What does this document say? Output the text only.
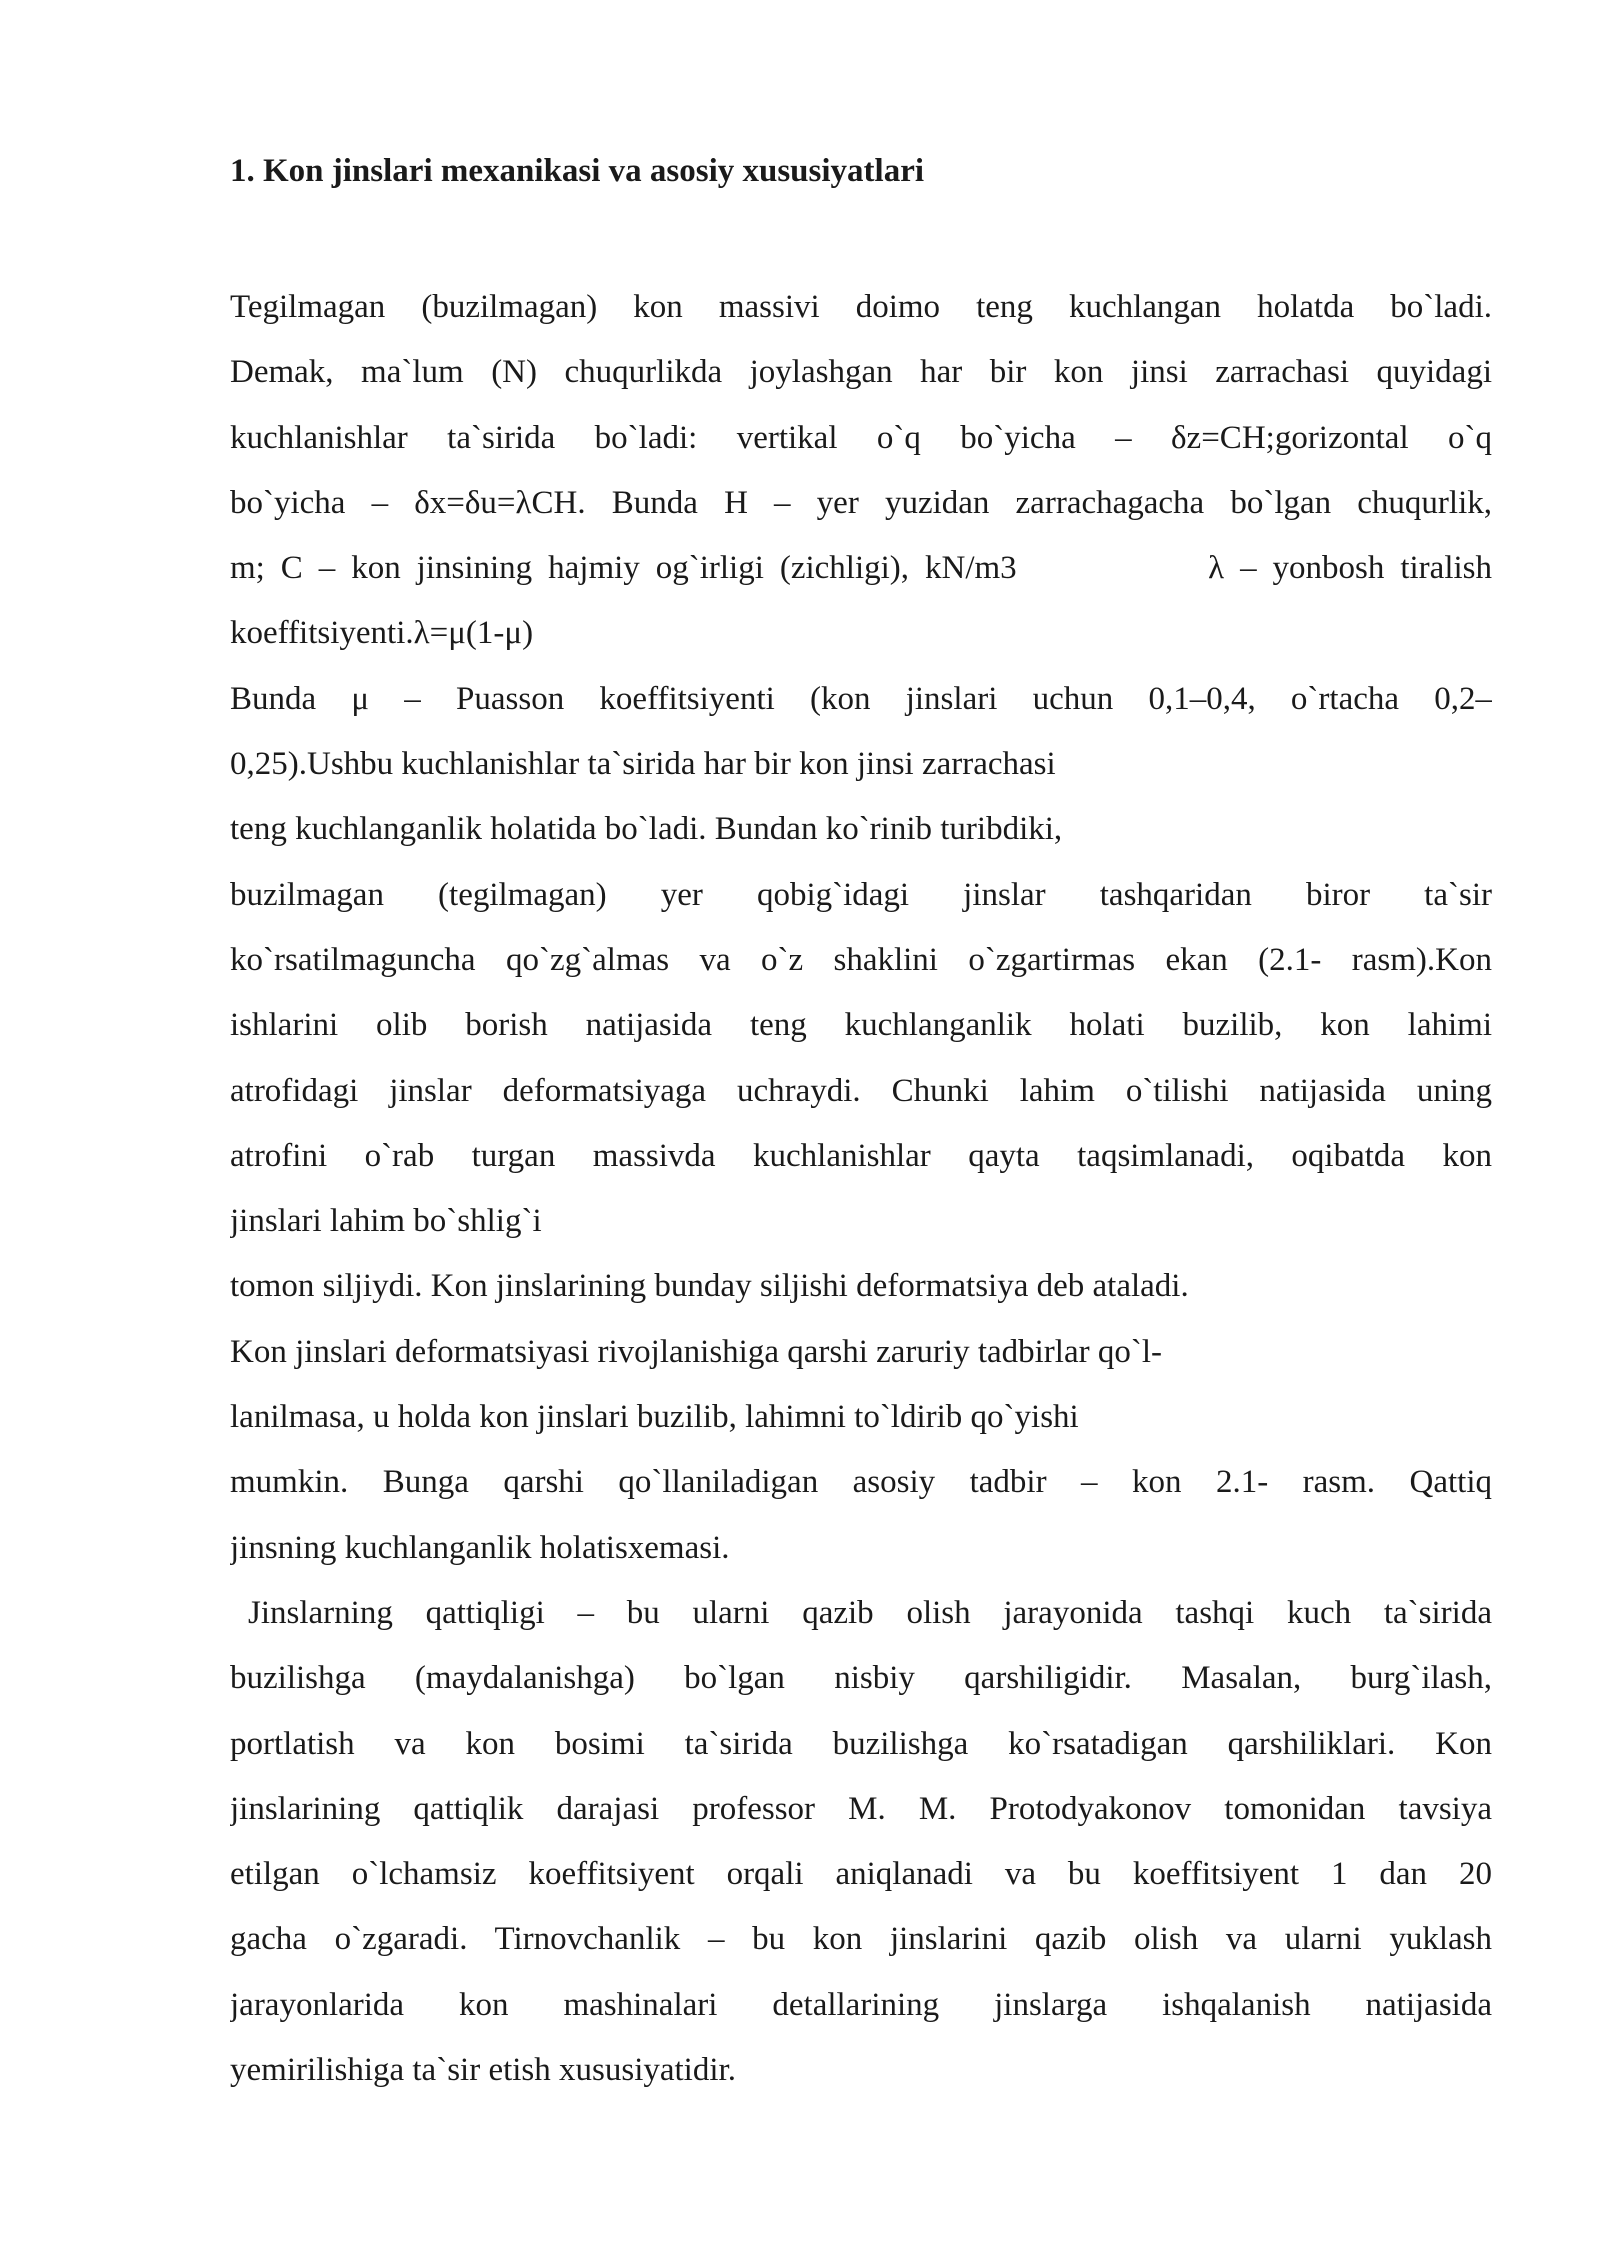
1. Kon jinslari mexanikasi va asosiy xususiyatlari
Tegilmagan (buzilmagan) kon massivi doimo teng kuchlangan holatda bo`ladi.
Demak, ma`lum (N) chuqurlikda joylashgan har bir kon jinsi zarrachasi quyidagi
kuchlanishlar ta`sirida bo`ladi: vertikal o`q bo`yicha – δz=CH;gorizontal o`q
bo`yicha – δx=δu=λCH. Bunda H – yer yuzidan zarrachagacha bo`lgan chuqurlik,
m; C – kon jinsining hajmiy og`irligi (zichligi), kN/m3            λ – yonbosh tiralish
koeffitsiyenti.λ=μ(1-μ)
Bunda μ – Puasson koeffitsiyenti (kon jinslari uchun 0,1–0,4, o`rtacha 0,2–
0,25).Ushbu kuchlanishlar ta`sirida har bir kon jinsi zarrachasi
teng kuchlanganlik holatida bo`ladi. Bundan ko`rinib turibdiki,
buzilmagan (tegilmagan) yer qobig`idagi jinslar tashqaridan biror ta`sir
ko`rsatilmaguncha qo`zg`almas va o`z shaklini o`zgartirmas ekan (2.1- rasm).Kon
ishlarini olib borish natijasida teng kuchlanganlik holati buzilib, kon lahimi
atrofidagi jinslar deformatsiyaga uchraydi. Chunki lahim o`tilishi natijasida uning
atrofini o`rab turgan massivda kuchlanishlar qayta taqsimlanadi, oqibatda kon
jinslari lahim bo`shlig`i
tomon siljiydi. Kon jinslarining bunday siljishi deformatsiya deb ataladi.
Kon jinslari deformatsiyasi rivojlanishiga qarshi zaruriy tadbirlar qo`l-
lanilmasa, u holda kon jinslari buzilib, lahimni to`ldirib qo`yishi
mumkin. Bunga qarshi qo`llaniladigan asosiy tadbir – kon 2.1- rasm. Qattiq
jinsning kuchlanganlik holatisxemasi.
Jinslarning qattiqligi – bu ularni qazib olish jarayonida tashqi kuch ta`sirida
buzilishga (maydalanishga) bo`lgan nisbiy qarshiligidir. Masalan, burg`ilash,
portlatish va kon bosimi ta`sirida buzilishga ko`rsatadigan qarshiliklari. Kon
jinslarining qattiqlik darajasi professor M. M. Protodyakonov tomonidan tavsiya
etilgan o`lchamsiz koeffitsiyent orqali aniqlanadi va bu koeffitsiyent 1 dan 20
gacha o`zgaradi. Tirnovchanlik – bu kon jinslarini qazib olish va ularni yuklash
jarayonlarida kon mashinalari detallarining jinslarga ishqalanish natijasida
yemirilishiga ta`sir etish xususiyatidir.
